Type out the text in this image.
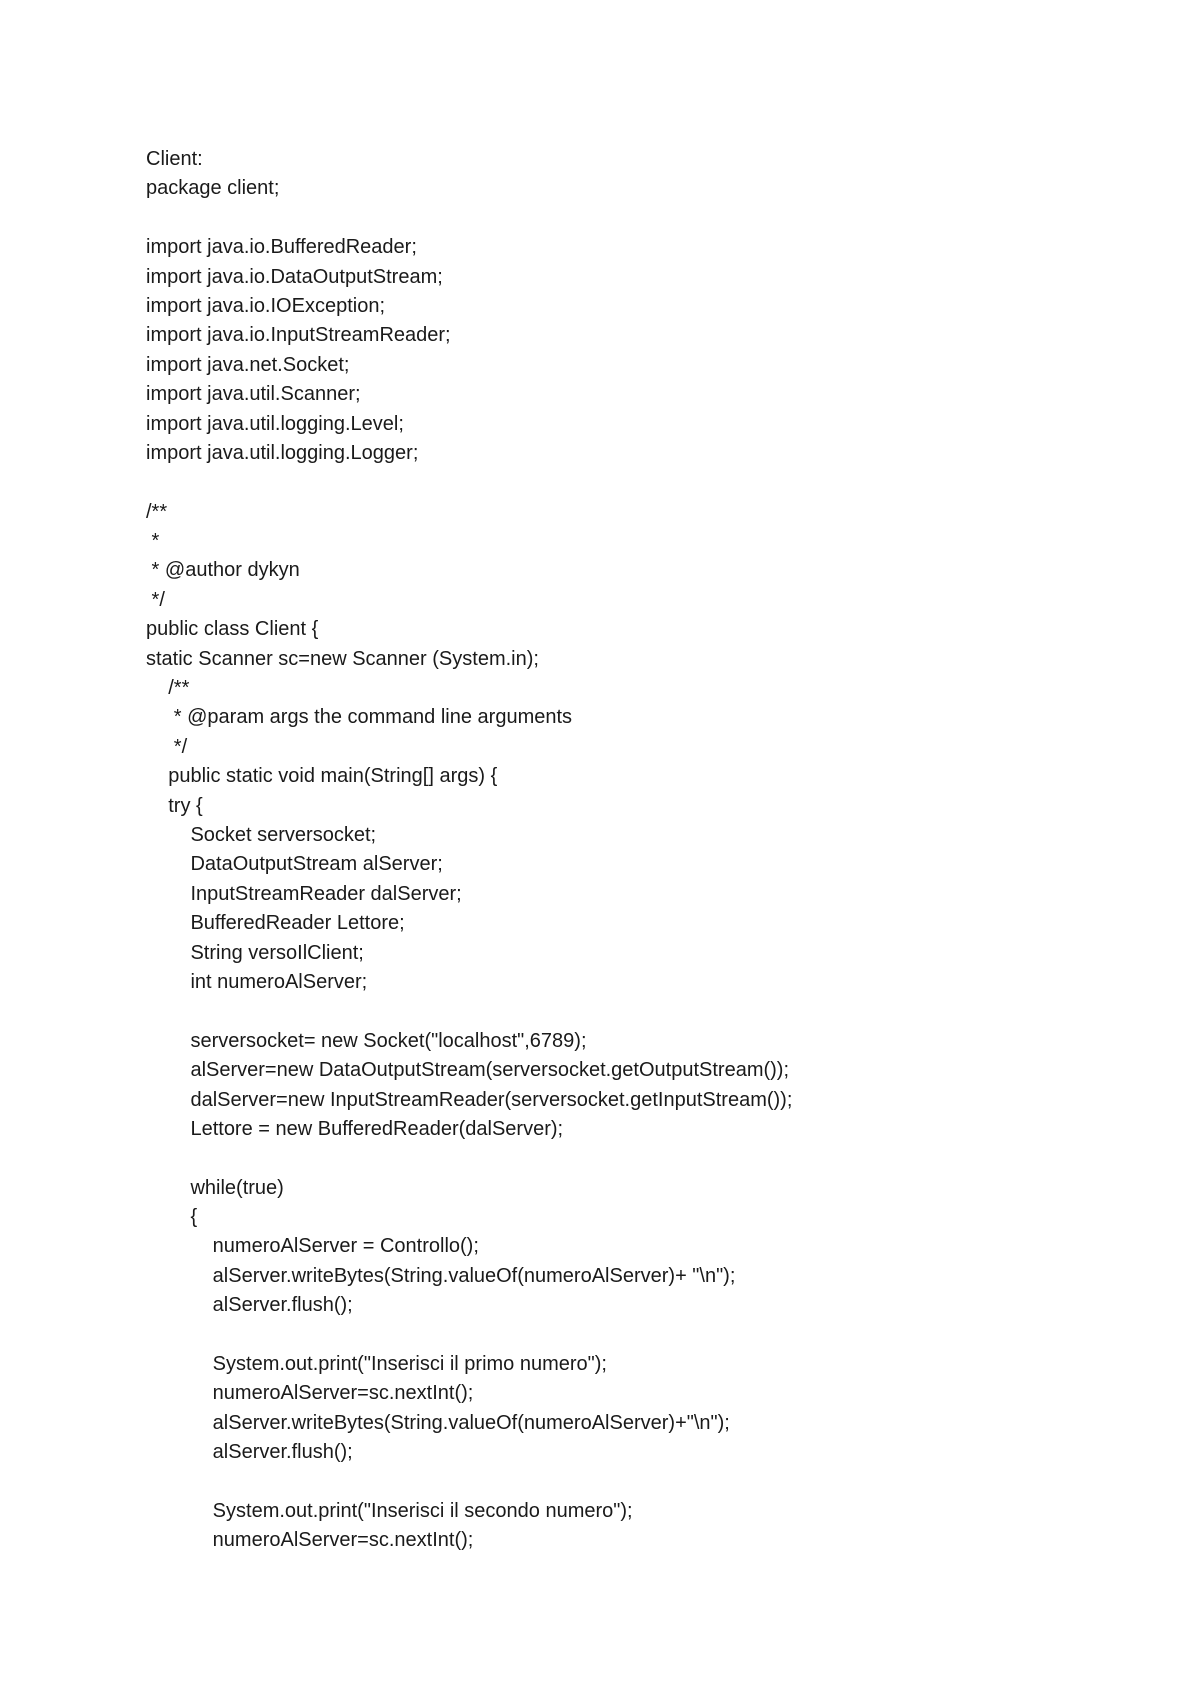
Client:
package client;
import java.io.BufferedReader;
import java.io.DataOutputStream;
import java.io.IOException;
import java.io.InputStreamReader;
import java.net.Socket;
import java.util.Scanner;
import java.util.logging.Level;
import java.util.logging.Logger;
/**
*
* @author dykyn
*/
public class Client {
static Scanner sc=new Scanner (System.in);
/**
* @param args the command line arguments
*/
public static void main(String[] args) {
try {
Socket serversocket;
DataOutputStream alServer;
InputStreamReader dalServer;
BufferedReader Lettore;
String versoIlClient;
int numeroAlServer;
serversocket= new Socket("localhost",6789);
alServer=new DataOutputStream(serversocket.getOutputStream());
dalServer=new InputStreamReader(serversocket.getInputStream());
Lettore = new BufferedReader(dalServer);
while(true)
{
numeroAlServer = Controllo();
alServer.writeBytes(String.valueOf(numeroAlServer)+ "\n");
alServer.flush();
System.out.print("Inserisci il primo numero");
numeroAlServer=sc.nextInt();
alServer.writeBytes(String.valueOf(numeroAlServer)+"\n");
alServer.flush();
System.out.print("Inserisci il secondo numero");
numeroAlServer=sc.nextInt();
